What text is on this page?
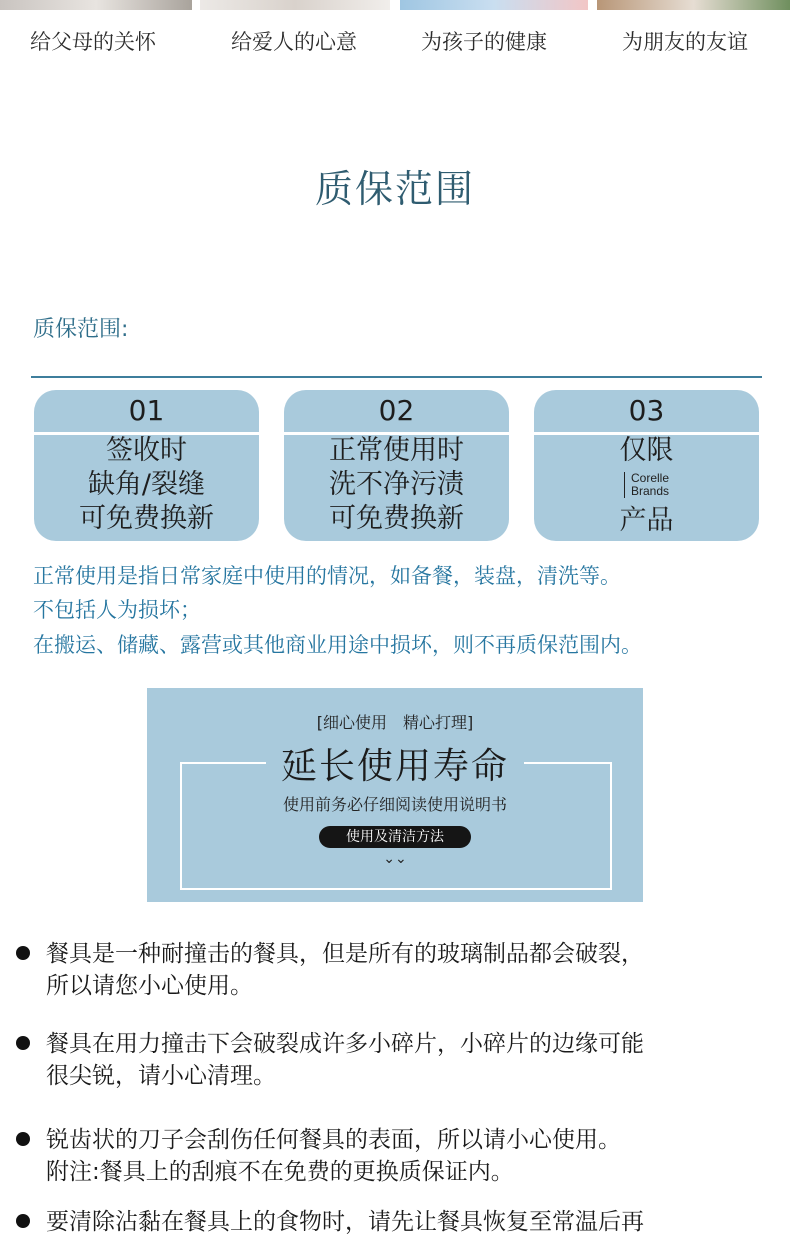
给父母的关怀	给爱人的心意	为孩子的健康	为朋友的友谊
质保范围
质保范围:
01
签收时
缺角/裂缝
可免费换新
02
正常使用时
洗不净污渍
可免费换新
03
仅限
Corelle
Brands
产品
正常使用是指日常家庭中使用的情况，如备餐，装盘，清洗等。
不包括人为损坏；
在搬运、储藏、露营或其他商业用途中损坏，则不再质保范围内。
[细心使用　精心打理]
延长使用寿命
使用前务必仔细阅读使用说明书
使用及清洁方法
⌄⌄
餐具是一种耐撞击的餐具，但是所有的玻璃制品都会破裂，
所以请您小心使用。
餐具在用力撞击下会破裂成许多小碎片，小碎片的边缘可能
很尖锐，请小心清理。
锐齿状的刀子会刮伤任何餐具的表面，所以请小心使用。
附注:餐具上的刮痕不在免费的更换质保证内。
要清除沾黏在餐具上的食物时，请先让餐具恢复至常温后再
